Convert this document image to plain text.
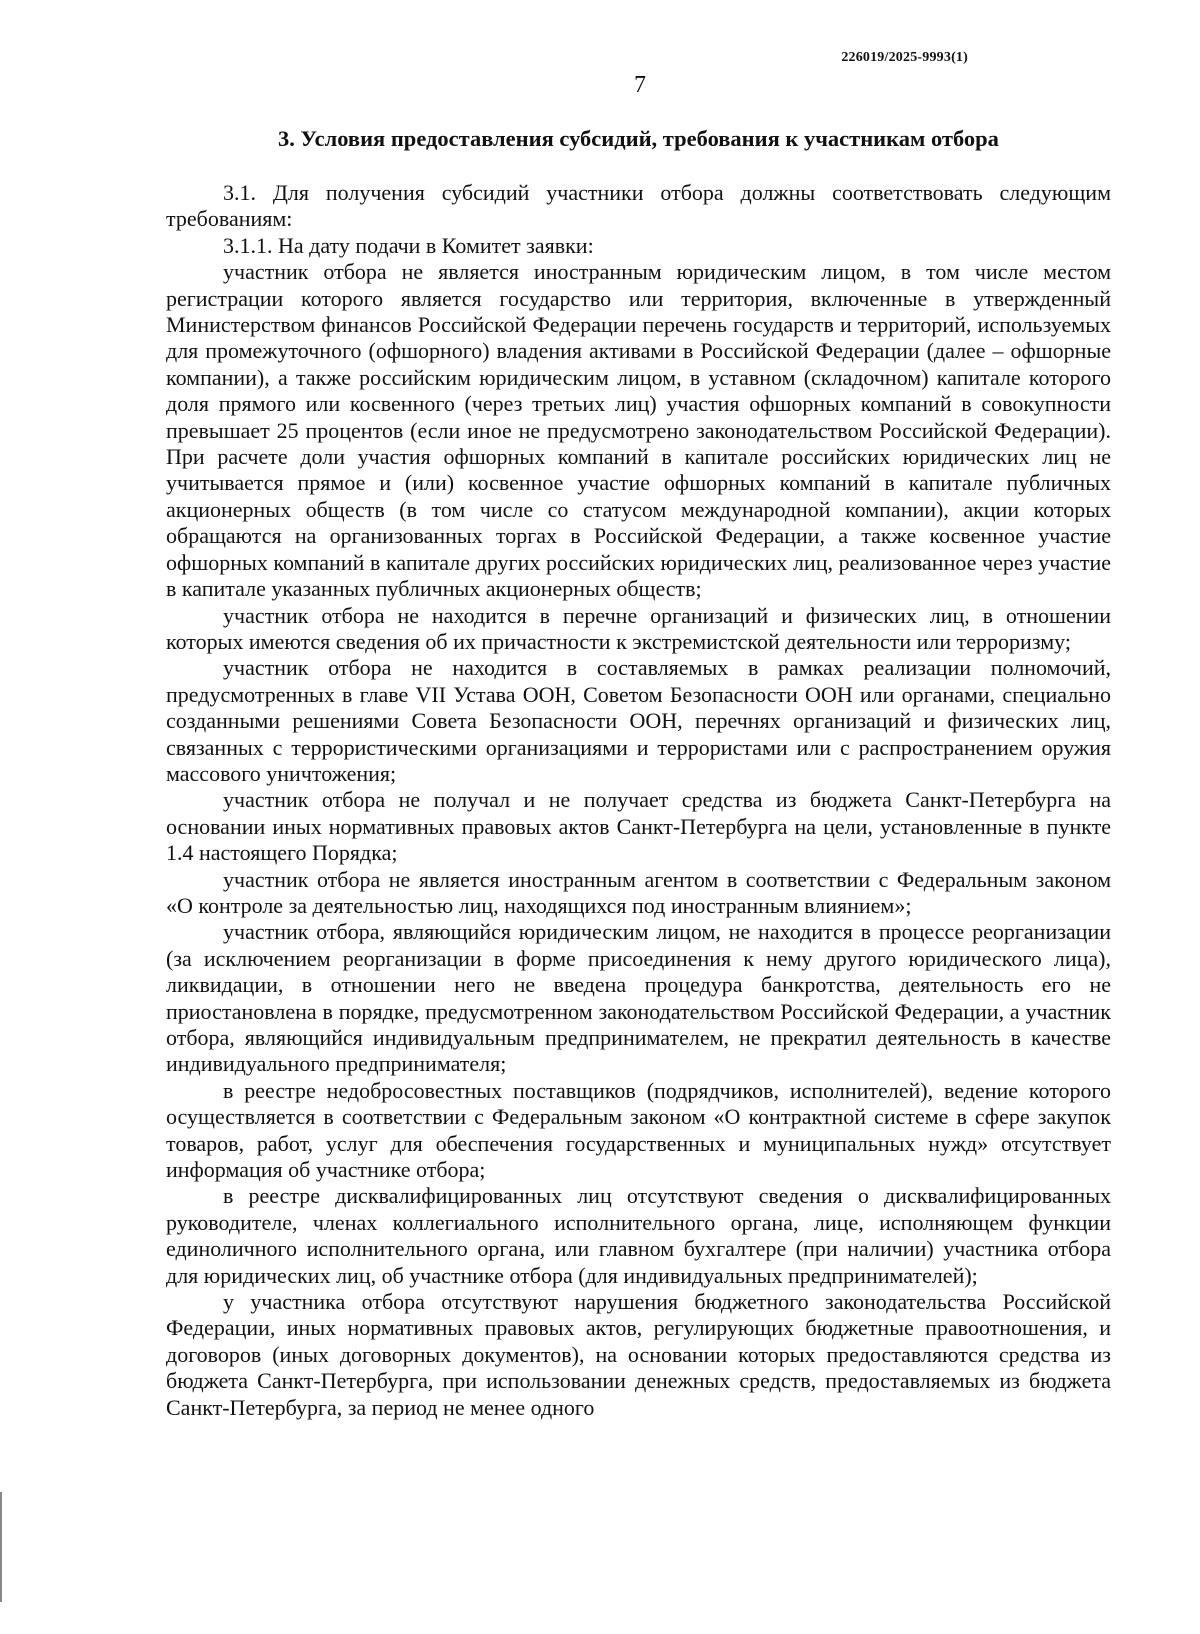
226019/2025-9993(1)
7
3. Условия предоставления субсидий, требования к участникам отбора

3.1. Для получения субсидий участники отбора должны соответствовать следующим требованиям:

3.1.1. На дату подачи в Комитет заявки:

участник отбора не является иностранным юридическим лицом, в том числе местом регистрации которого является государство или территория, включенные в утвержденный Министерством финансов Российской Федерации перечень государств и территорий, используемых для промежуточного (офшорного) владения активами в Российской Федерации (далее – офшорные компании), а также российским юридическим лицом, в уставном (складочном) капитале которого доля прямого или косвенного (через третьих лиц) участия офшорных компаний в совокупности превышает 25 процентов (если иное не предусмотрено законодательством Российской Федерации). При расчете доли участия офшорных компаний в капитале российских юридических лиц не учитывается прямое и (или) косвенное участие офшорных компаний в капитале публичных акционерных обществ (в том числе со статусом международной компании), акции которых обращаются на организованных торгах в Российской Федерации, а также косвенное участие офшорных компаний в капитале других российских юридических лиц, реализованное через участие в капитале указанных публичных акционерных обществ;

участник отбора не находится в перечне организаций и физических лиц, в отношении которых имеются сведения об их причастности к экстремистской деятельности или терроризму;

участник отбора не находится в составляемых в рамках реализации полномочий, предусмотренных в главе VII Устава ООН, Советом Безопасности ООН или органами, специально созданными решениями Совета Безопасности ООН, перечнях организаций и физических лиц, связанных с террористическими организациями и террористами или с распространением оружия массового уничтожения;

участник отбора не получал и не получает средства из бюджета Санкт-Петербурга на основании иных нормативных правовых актов Санкт-Петербурга на цели, установленные в пункте 1.4 настоящего Порядка;

участник отбора не является иностранным агентом в соответствии с Федеральным законом «О контроле за деятельностью лиц, находящихся под иностранным влиянием»;

участник отбора, являющийся юридическим лицом, не находится в процессе реорганизации (за исключением реорганизации в форме присоединения к нему другого юридического лица), ликвидации, в отношении него не введена процедура банкротства, деятельность его не приостановлена в порядке, предусмотренном законодательством Российской Федерации, а участник отбора, являющийся индивидуальным предпринимателем, не прекратил деятельность в качестве индивидуального предпринимателя;

в реестре недобросовестных поставщиков (подрядчиков, исполнителей), ведение которого осуществляется в соответствии с Федеральным законом «О контрактной системе в сфере закупок товаров, работ, услуг для обеспечения государственных и муниципальных нужд» отсутствует информация об участнике отбора;

в реестре дисквалифицированных лиц отсутствуют сведения о дисквалифицированных руководителе, членах коллегиального исполнительного органа, лице, исполняющем функции единоличного исполнительного органа, или главном бухгалтере (при наличии) участника отбора для юридических лиц, об участнике отбора (для индивидуальных предпринимателей);

у участника отбора отсутствуют нарушения бюджетного законодательства Российской Федерации, иных нормативных правовых актов, регулирующих бюджетные правоотношения, и договоров (иных договорных документов), на основании которых предоставляются средства из бюджета Санкт-Петербурга, при использовании денежных средств, предоставляемых из бюджета Санкт-Петербурга, за период не менее одного
